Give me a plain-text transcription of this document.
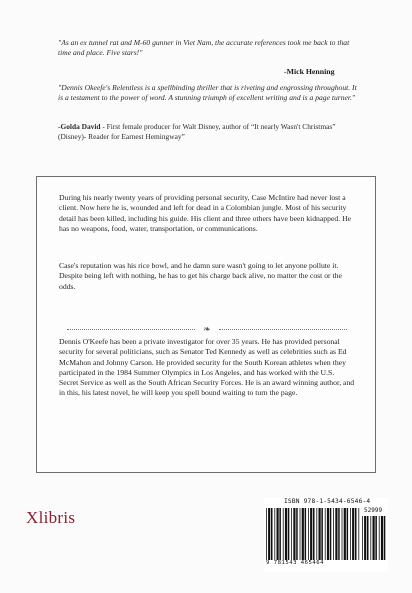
"As an ex tunnel rat and M-60 gunner in Viet Nam, the accurate references took me back to that time and place. Five stars!"
-Mick Henning
"Dennis Okeefe's Relentless is a spellbinding thriller that is riveting and engrossing throughout. It is a testament to the power of word. A stunning triumph of excellent writing and is a page turner."
-Golda David - First female producer for Walt Disney, author of “It nearly Wasn't Christmas” (Disney)- Reader for Earnest Hemingway”
During his nearly twenty years of providing personal security, Case McIntire had never lost a client. Now here he is, wounded and left for dead in a Colombian jungle. Most of his security detail has been killed, including his guide. His client and three others have been kidnapped. He has no weapons, food, water, transportation, or communications.
Case's reputation was his rice bowl, and he damn sure wasn't going to let anyone pollute it. Despite being left with nothing, he has to get his charge back alive, no matter the cost or the odds.
❧
Dennis O'Keefe has been a private investigator for over 35 years. He has provided personal security for several politicians, such as Senator Ted Kennedy as well as celebrities such as Ed McMahon and Johnny Carson. He provided security for the South Korean athletes when they participated in the 1984 Summer Olympics in Los Angeles, and has worked with the U.S. Secret Service as well as the South African Security Forces. He is an award winning author, and in this, his latest novel, he will keep you spell bound waiting to turn the page.
Xlibris
ISBN 978-1-5434-6546-4
52999
9 781543 465464
